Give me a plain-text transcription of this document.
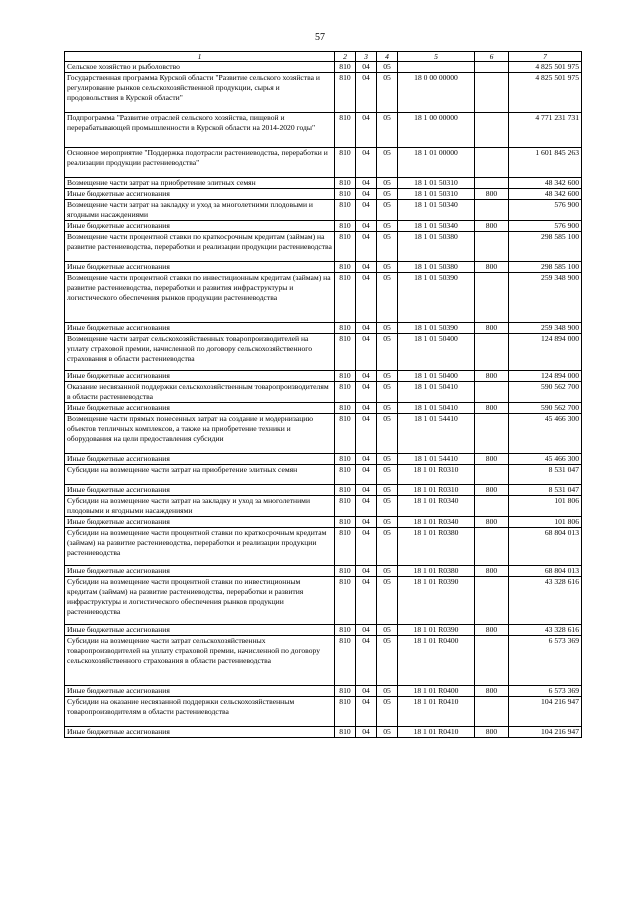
57
1	2	3	4	5	6	7
Сельское хозяйство и рыболовство	810	04	05			4 825 501 975
Государственная программа Курской области "Развитие сельского хозяйства и регулирование рынков сельскохозяйственной продукции, сырья и продовольствия в Курской области"	810	04	05	18 0 00 00000		4 825 501 975
Подпрограмма "Развитие отраслей сельского хозяйства, пищевой и перерабатывающей промышленности в Курской области на 2014-2020 годы"	810	04	05	18 1 00 00000		4 771 231 731
Основное мероприятие "Поддержка подотрасли растениеводства, переработки и реализации продукции растениеводства"	810	04	05	18 1 01 00000		1 601 845 263
Возмещение части затрат на приобретение элитных семян	810	04	05	18 1 01 50310		48 342 600
Иные бюджетные ассигнования	810	04	05	18 1 01 50310	800	48 342 600
Возмещение части затрат на закладку и уход за многолетними плодовыми и ягодными насаждениями	810	04	05	18 1 01 50340		576 900
Иные бюджетные ассигнования	810	04	05	18 1 01 50340	800	576 900
Возмещение части процентной ставки по краткосрочным кредитам (займам) на развитие растениеводства, переработки и реализации продукции растениеводства	810	04	05	18 1 01 50380		298 585 100
Иные бюджетные ассигнования	810	04	05	18 1 01 50380	800	298 585 100
Возмещение части процентной ставки по инвестиционным кредитам (займам) на развитие растениеводства, переработки и развития инфраструктуры и логистического обеспечения рынков продукции растениеводства	810	04	05	18 1 01 50390		259 348 900
Иные бюджетные ассигнования	810	04	05	18 1 01 50390	800	259 348 900
Возмещение части затрат сельскохозяйственных товаропроизводителей на уплату страховой премии, начисленной по договору сельскохозяйственного страхования в области растениеводства	810	04	05	18 1 01 50400		124 894 000
Иные бюджетные ассигнования	810	04	05	18 1 01 50400	800	124 894 000
Оказание несвязанной поддержки сельскохозяйственным товаропроизводителям в области растениеводства	810	04	05	18 1 01 50410		590 562 700
Иные бюджетные ассигнования	810	04	05	18 1 01 50410	800	590 562 700
Возмещение части прямых понесенных затрат на создание и модернизацию объектов тепличных комплексов, а также на приобретение техники и оборудования на цели предоставления субсидии	810	04	05	18 1 01 54410		45 466 300
Иные бюджетные ассигнования	810	04	05	18 1 01 54410	800	45 466 300
Субсидии на возмещение части затрат на приобретение элитных семян	810	04	05	18 1 01 R0310		8 531 047
Иные бюджетные ассигнования	810	04	05	18 1 01 R0310	800	8 531 047
Субсидии на возмещение части затрат на закладку и уход за многолетними плодовыми и ягодными насаждениями	810	04	05	18 1 01 R0340		101 806
Иные бюджетные ассигнования	810	04	05	18 1 01 R0340	800	101 806
Субсидии на возмещение части процентной ставки по краткосрочным кредитам (займам) на развитие растениеводства, переработки и реализации продукции растениеводства	810	04	05	18 1 01 R0380		68 804 013
Иные бюджетные ассигнования	810	04	05	18 1 01 R0380	800	68 804 013
Субсидии на возмещение части процентной ставки по инвестиционным кредитам (займам) на развитие растениеводства, переработки и развития инфраструктуры и логистического обеспечения рынков продукции растениеводства	810	04	05	18 1 01 R0390		43 328 616
Иные бюджетные ассигнования	810	04	05	18 1 01 R0390	800	43 328 616
Субсидии на возмещение части затрат сельскохозяйственных товаропроизводителей на уплату страховой премии, начисленной по договору сельскохозяйственного страхования в области растениеводства	810	04	05	18 1 01 R0400		6 573 369
Иные бюджетные ассигнования	810	04	05	18 1 01 R0400	800	6 573 369
Субсидии на оказание несвязанной поддержки сельскохозяйственным товаропроизводителям в области растениеводства	810	04	05	18 1 01 R0410		104 216 947
Иные бюджетные ассигнования	810	04	05	18 1 01 R0410	800	104 216 947
